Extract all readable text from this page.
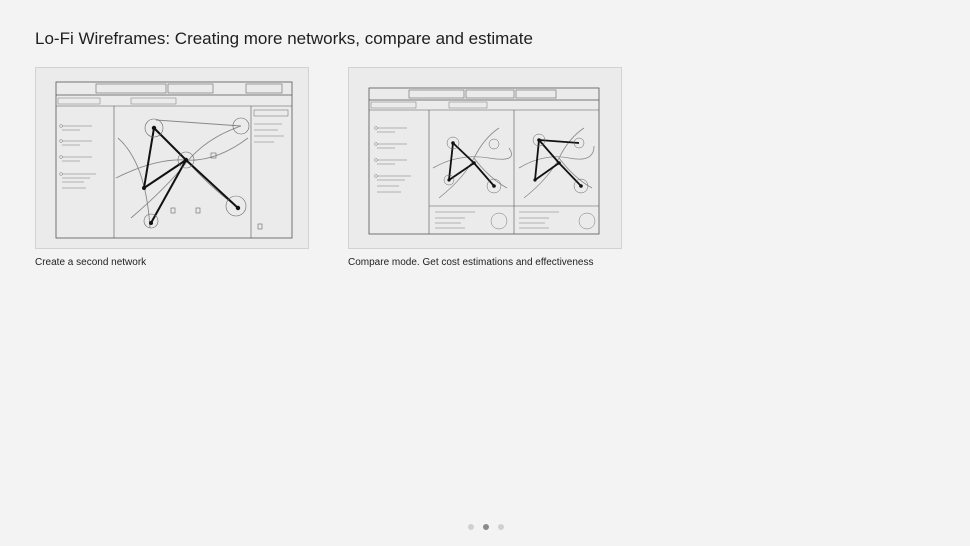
Lo-Fi Wireframes: Creating more networks, compare and estimate
Create a second network	Compare mode. Get cost estimations and effectiveness
